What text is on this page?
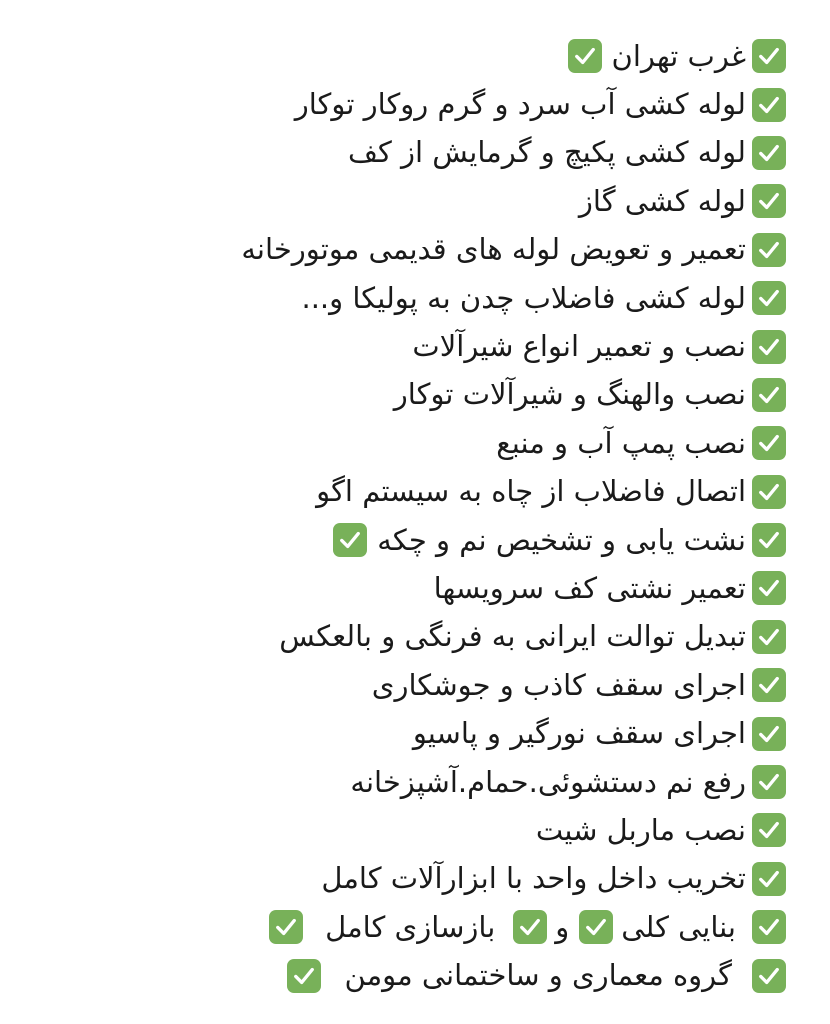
غرب تهران
لوله کشی آب سرد و گرم روکار توکار
لوله کشی پکیچ و گرمایش از کف
لوله کشی گاز
تعمیر و تعویض لوله های قدیمی موتورخانه
لوله کشی فاضلاب چدن به پولیکا و...
نصب و تعمیر انواع شیرآلات
نصب والهنگ و شیرآلات توکار
نصب پمپ آب و منبع
اتصال فاضلاب از چاه به سیستم اگو
نشت یابی و تشخیص نم و چکه
تعمیر نشتی کف سرویسها
تبدیل توالت ایرانی به فرنگی و بالعکس
اجرای سقف کاذب و جوشکاری
اجرای سقف نورگیر و پاسیو
رفع نم دستشوئی.حمام.آشپزخانه
نصب ماربل شیت
تخریب داخل واحد با ابزارآلات کامل
بنایی کلی
و
بازسازی کامل
گروه معماری و ساختمانی مومن
